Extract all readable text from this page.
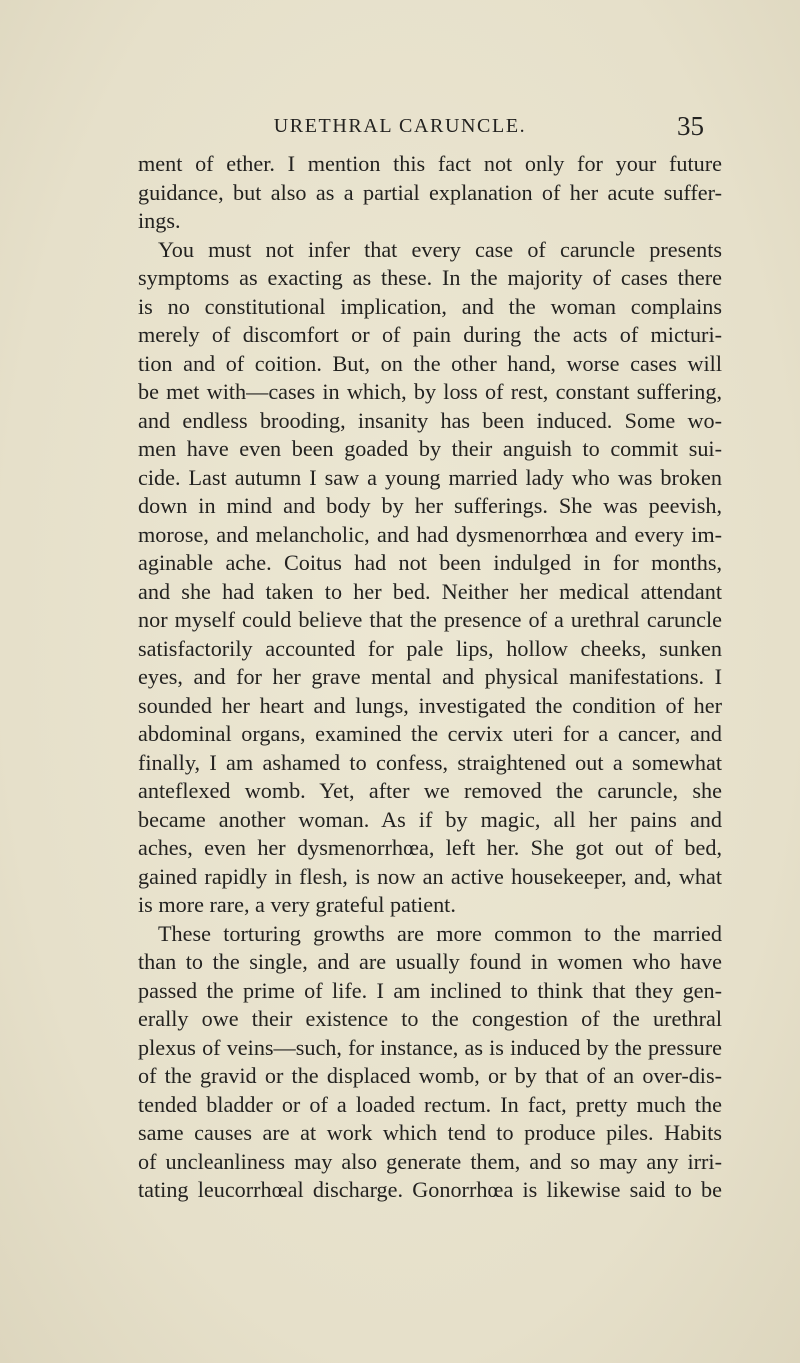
URETHRAL CARUNCLE.	35
ment of ether. I mention this fact not only for your future
guidance, but also as a partial explanation of her acute suffer-
ings.
You must not infer that every case of caruncle presents
symptoms as exacting as these. In the majority of cases there
is no constitutional implication, and the woman complains
merely of discomfort or of pain during the acts of micturi-
tion and of coition. But, on the other hand, worse cases will
be met with—cases in which, by loss of rest, constant suffering,
and endless brooding, insanity has been induced. Some wo-
men have even been goaded by their anguish to commit sui-
cide. Last autumn I saw a young married lady who was broken
down in mind and body by her sufferings. She was peevish,
morose, and melancholic, and had dysmenorrhœa and every im-
aginable ache. Coitus had not been indulged in for months,
and she had taken to her bed. Neither her medical attendant
nor myself could believe that the presence of a urethral caruncle
satisfactorily accounted for pale lips, hollow cheeks, sunken
eyes, and for her grave mental and physical manifestations. I
sounded her heart and lungs, investigated the condition of her
abdominal organs, examined the cervix uteri for a cancer, and
finally, I am ashamed to confess, straightened out a somewhat
anteflexed womb. Yet, after we removed the caruncle, she
became another woman. As if by magic, all her pains and
aches, even her dysmenorrhœa, left her. She got out of bed,
gained rapidly in flesh, is now an active housekeeper, and, what
is more rare, a very grateful patient.
These torturing growths are more common to the married
than to the single, and are usually found in women who have
passed the prime of life. I am inclined to think that they gen-
erally owe their existence to the congestion of the urethral
plexus of veins—such, for instance, as is induced by the pressure
of the gravid or the displaced womb, or by that of an over-dis-
tended bladder or of a loaded rectum. In fact, pretty much the
same causes are at work which tend to produce piles. Habits
of uncleanliness may also generate them, and so may any irri-
tating leucorrhœal discharge. Gonorrhœa is likewise said to be
